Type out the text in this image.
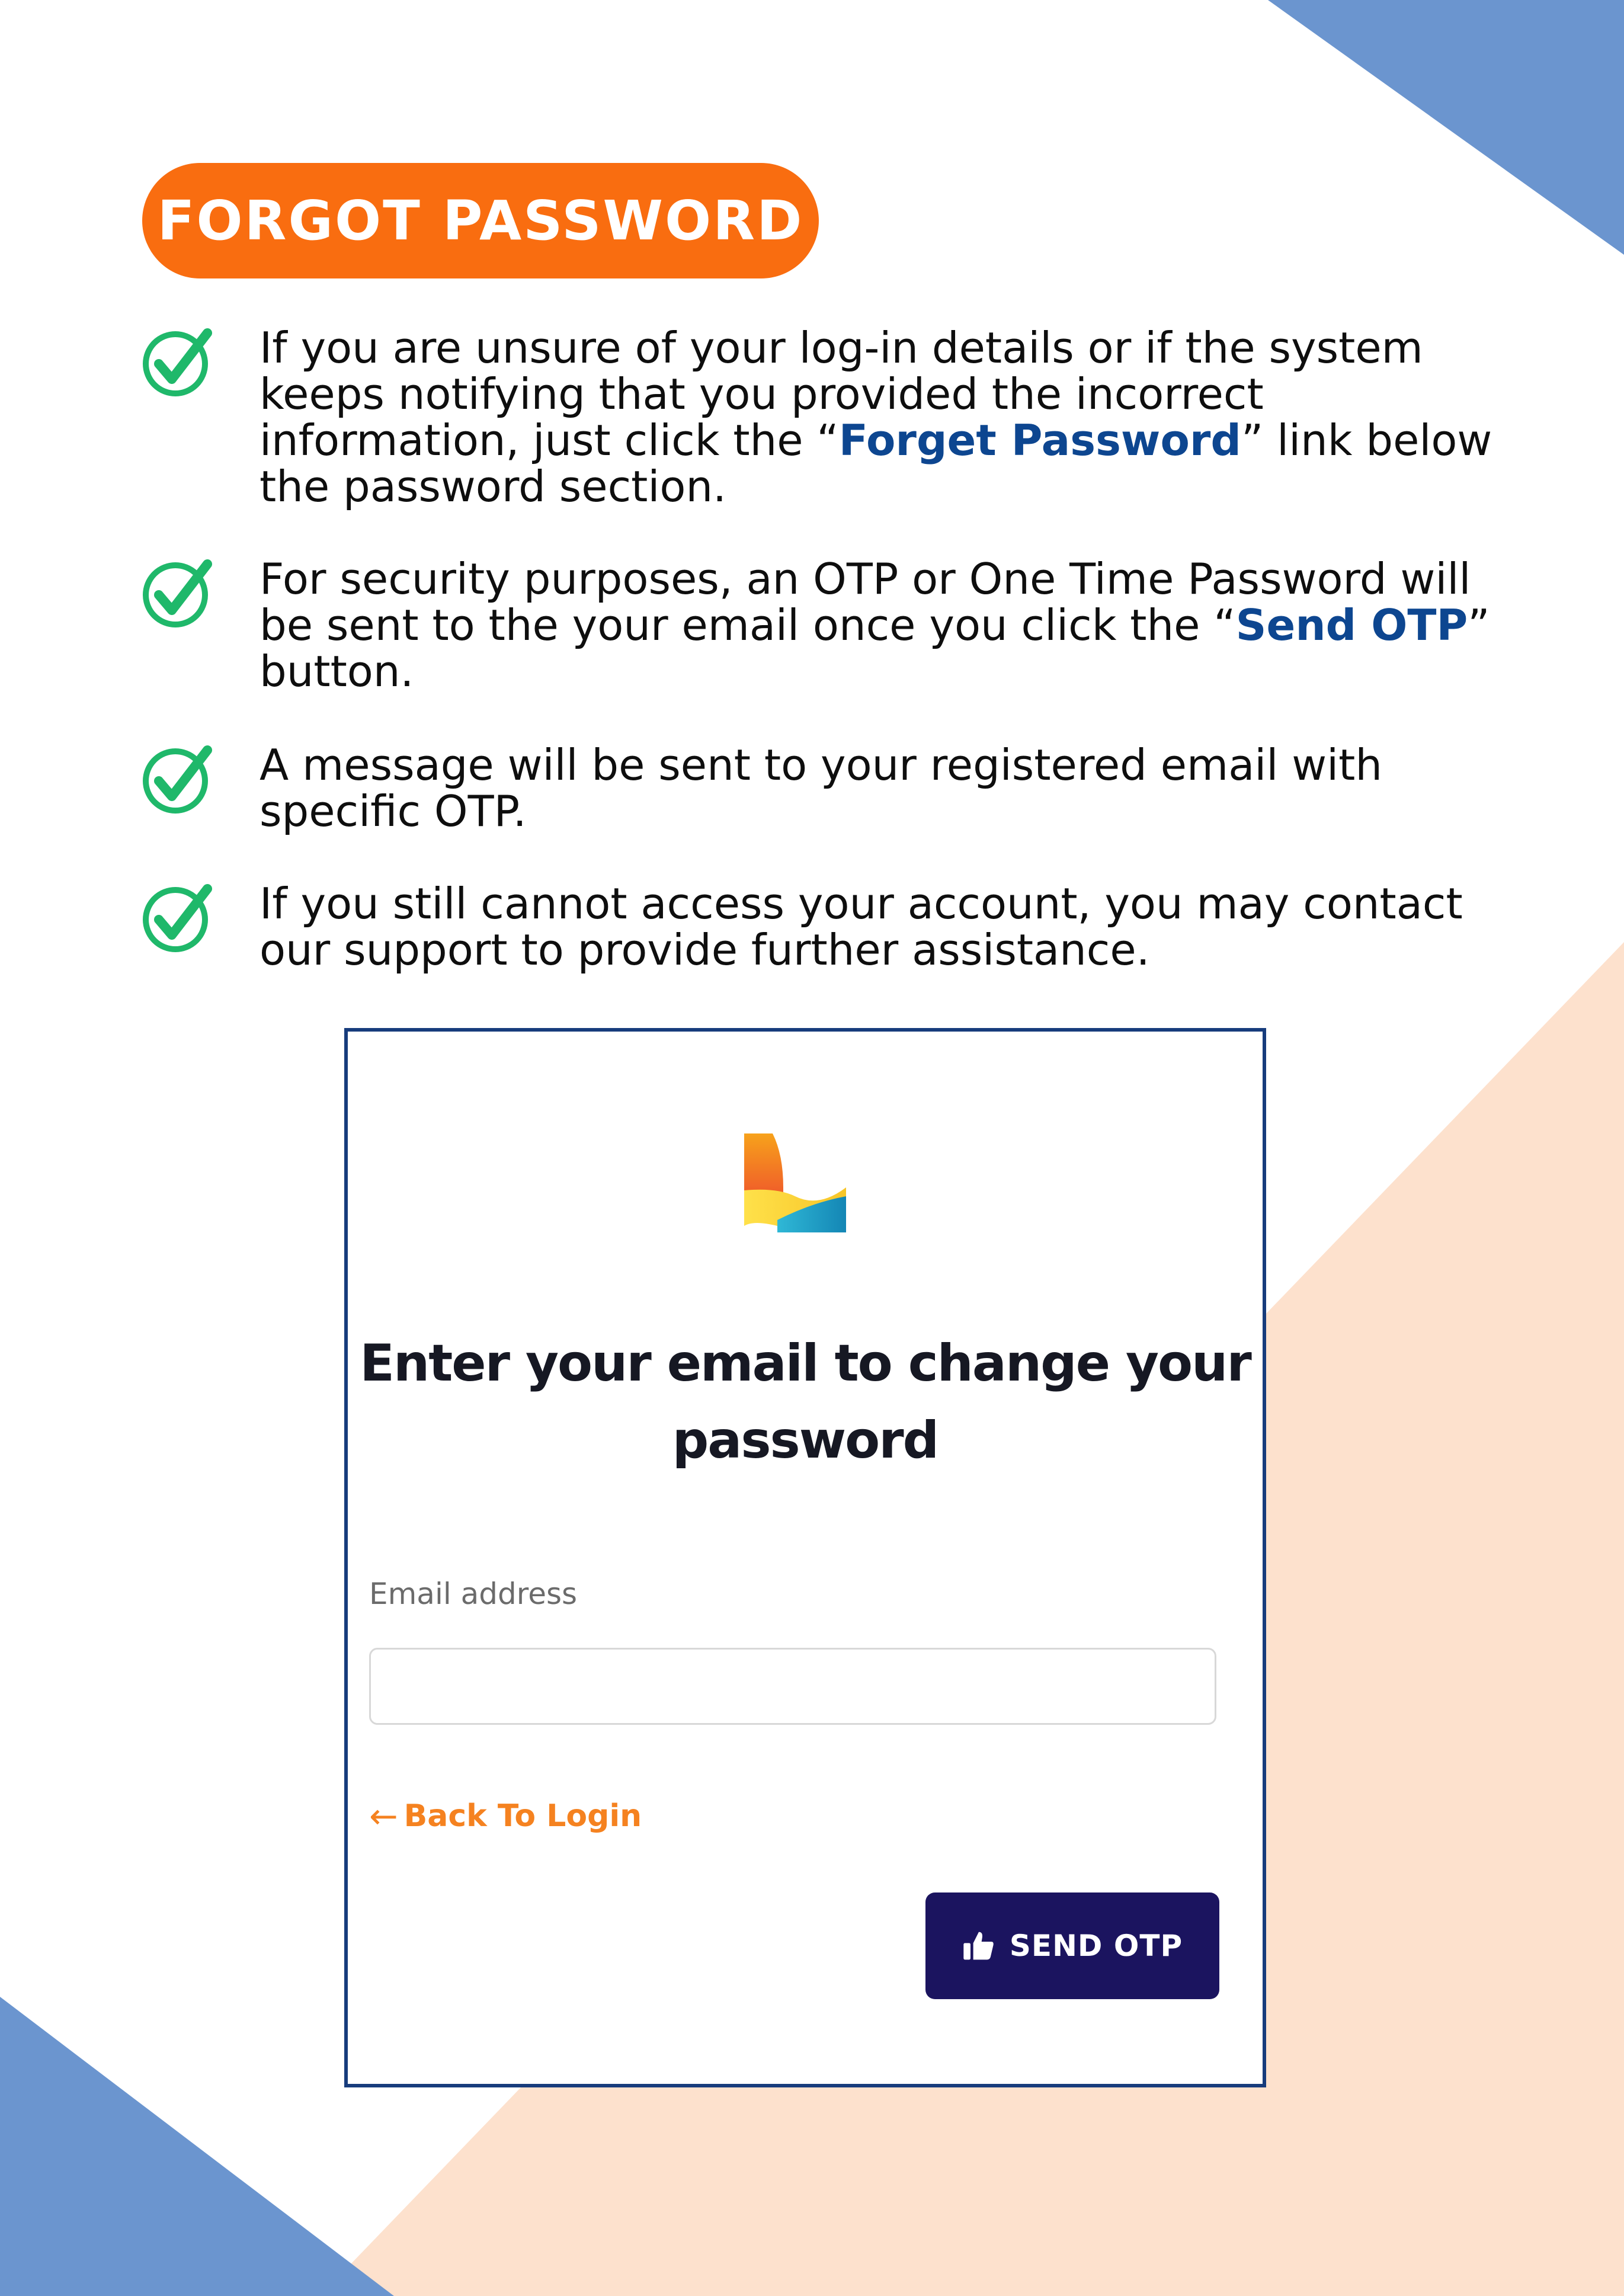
FORGOT PASSWORD
If you are unsure of your log-in details or if the system keeps notifying that you provided the incorrect information, just click the “Forget Password” link below the password section.
For security purposes, an OTP or One Time Password will be sent to the your email once you click the “Send OTP” button.
A message will be sent to your registered email with specific OTP.
If you still cannot access your account, you may contact our support to provide further assistance.
Enter your email to change your password
Email address
← Back To Login
SEND OTP
